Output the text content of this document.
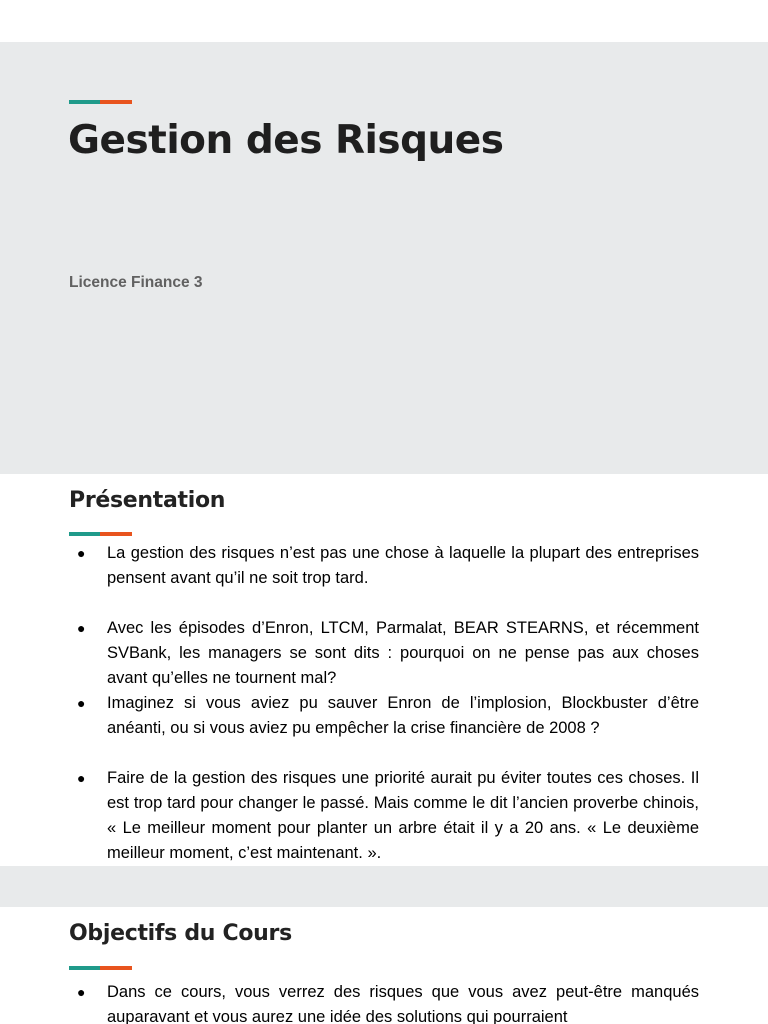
Gestion des Risques
Licence Finance 3
Présentation
● La gestion des risques n’est pas une chose à laquelle la plupart des entreprises pensent avant qu’il ne soit trop tard.
● Avec les épisodes d’Enron, LTCM, Parmalat, BEAR STEARNS, et récemment SVBank, les managers se sont dits : pourquoi on ne pense pas aux choses avant qu’elles ne tournent mal?
● Imaginez si vous aviez pu sauver Enron de l’implosion, Blockbuster d’être anéanti, ou si vous aviez pu empêcher la crise financière de 2008 ?
● Faire de la gestion des risques une priorité aurait pu éviter toutes ces choses. Il est trop tard pour changer le passé. Mais comme le dit l’ancien proverbe chinois, « Le meilleur moment pour planter un arbre était il y a 20 ans. « Le deuxième meilleur moment, c’est maintenant. ».
Objectifs du Cours
● Dans ce cours, vous verrez des risques que vous avez peut-être manqués auparavant et vous aurez une idée des solutions qui pourraient
